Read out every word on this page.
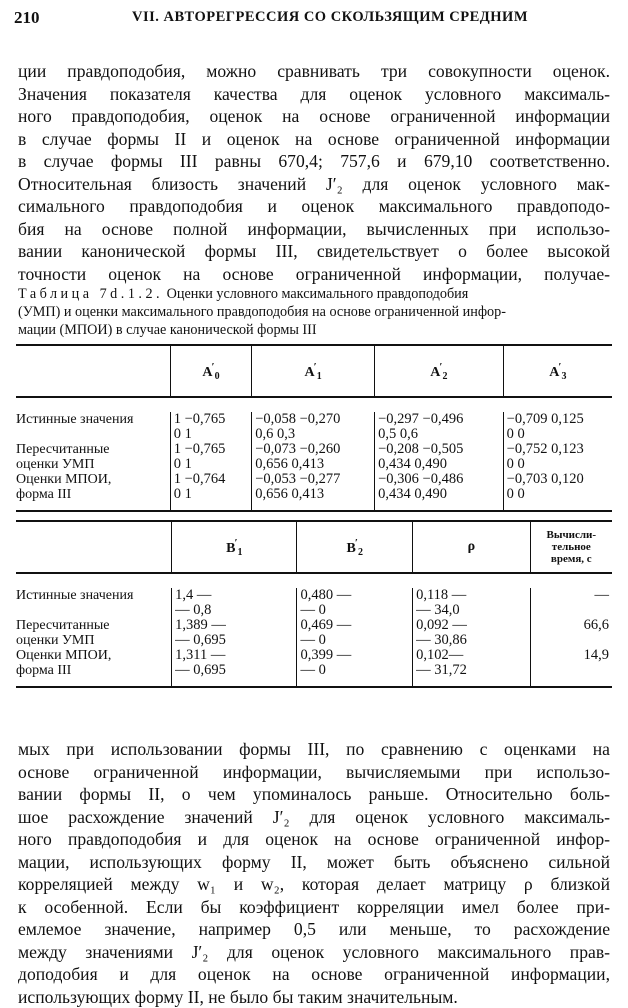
210	VII. АВТОРЕГРЕССИЯ СО СКОЛЬЗЯЩИМ СРЕДНИМ
ции правдоподобия, можно сравнивать три совокупности оценок.
Значения показателя качества для оценок условного максималь-
ного правдоподобия, оценок на основе ограниченной информации
в случае формы II и оценок на основе ограниченной информации
в случае формы III равны 670,4; 757,6 и 679,10 соответственно.
Относительная близость значений J′₂ для оценок условного мак-
симального правдоподобия и оценок максимального правдоподо-
бия на основе полной информации, вычисленных при использо-
вании канонической формы III, свидетельствует о более высокой
точности оценок на основе ограниченной информации, получае-
Таблица 7d.1.2. Оценки условного максимального правдоподобия
(УМП) и оценки максимального правдоподобия на основе ограниченной инфор-
мации (МПОИ) в случае канонической формы III
	$A'_0$	$A'_1$	$A'_2$	$A'_3$

Истинные значения	1 −0,765	−0,058 −0,270	−0,297 −0,496	−0,709 0,125
	0 1	0,6 0,3	0,5 0,6	0 0
Пересчитанные	1 −0,765	−0,073 −0,260	−0,208 −0,505	−0,752 0,123
оценки УМП	0 1	0,656 0,413	0,434 0,490	0 0
Оценки МПОИ,	1 −0,764	−0,053 −0,277	−0,306 −0,486	−0,703 0,120
форма III	0 1	0,656 0,413	0,434 0,490	0 0
	$B'_1$	$B'_2$	ρ	Вычисли-
тельное
время, с

Истинные значения	1,4 —	0,480 —	0,118 —	—
	— 0,8	— 0	— 34,0	
Пересчитанные	1,389 —	0,469 —	0,092 —	66,6
оценки УМП	— 0,695	— 0	— 30,86	
Оценки МПОИ,	1,311 —	0,399 —	0,102—	14,9
форма III	— 0,695	— 0	— 31,72	
мых при использовании формы III, по сравнению с оценками на
основе ограниченной информации, вычисляемыми при использо-
вании формы II, о чем упоминалось раньше. Относительно боль-
шое расхождение значений J′₂ для оценок условного максималь-
ного правдоподобия и для оценок на основе ограниченной инфор-
мации, использующих форму II, может быть объяснено сильной
корреляцией между w₁ и w₂, которая делает матрицу ρ близкой
к особенной. Если бы коэффициент корреляции имел более при-
емлемое значение, например 0,5 или меньше, то расхождение
между значениями J′₂ для оценок условного максимального прав-
доподобия и для оценок на основе ограниченной информации,
использующих форму II, не было бы таким значительным.
